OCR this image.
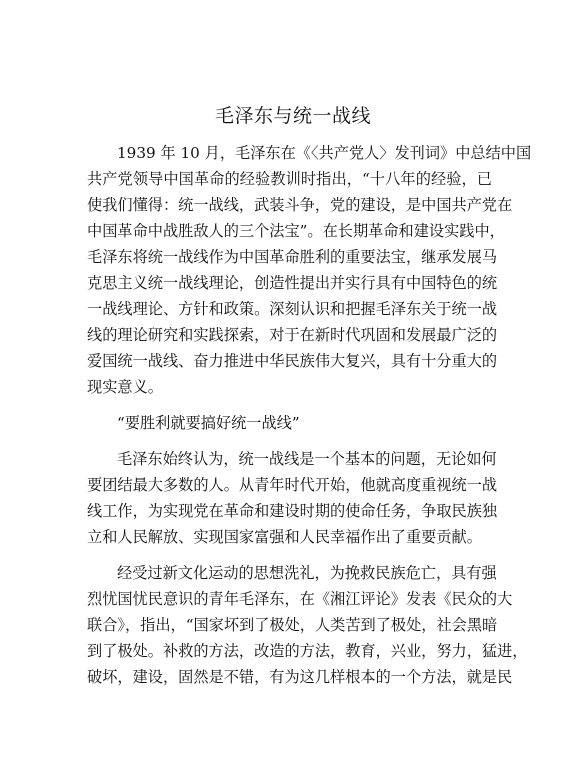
毛泽东与统一战线
1939 年 10 月，毛泽东在《〈共产党人〉发刊词》中总结中国
共产党领导中国革命的经验教训时指出，“十八年的经验，已
使我们懂得：统一战线，武装斗争，党的建设，是中国共产党在
中国革命中战胜敌人的三个法宝”。在长期革命和建设实践中，
毛泽东将统一战线作为中国革命胜利的重要法宝，继承发展马
克思主义统一战线理论，创造性提出并实行具有中国特色的统
一战线理论、方针和政策。深刻认识和把握毛泽东关于统一战
线的理论研究和实践探索，对于在新时代巩固和发展最广泛的
爱国统一战线、奋力推进中华民族伟大复兴，具有十分重大的
现实意义。
“要胜利就要搞好统一战线”
毛泽东始终认为，统一战线是一个基本的问题，无论如何
要团结最大多数的人。从青年时代开始，他就高度重视统一战
线工作，为实现党在革命和建设时期的使命任务，争取民族独
立和人民解放、实现国家富强和人民幸福作出了重要贡献。
经受过新文化运动的思想洗礼，为挽救民族危亡，具有强
烈忧国忧民意识的青年毛泽东，在《湘江评论》发表《民众的大
联合》，指出，“国家坏到了极处，人类苦到了极处，社会黑暗
到了极处。补救的方法，改造的方法，教育，兴业，努力，猛进，
破坏，建设，固然是不错，有为这几样根本的一个方法，就是民
